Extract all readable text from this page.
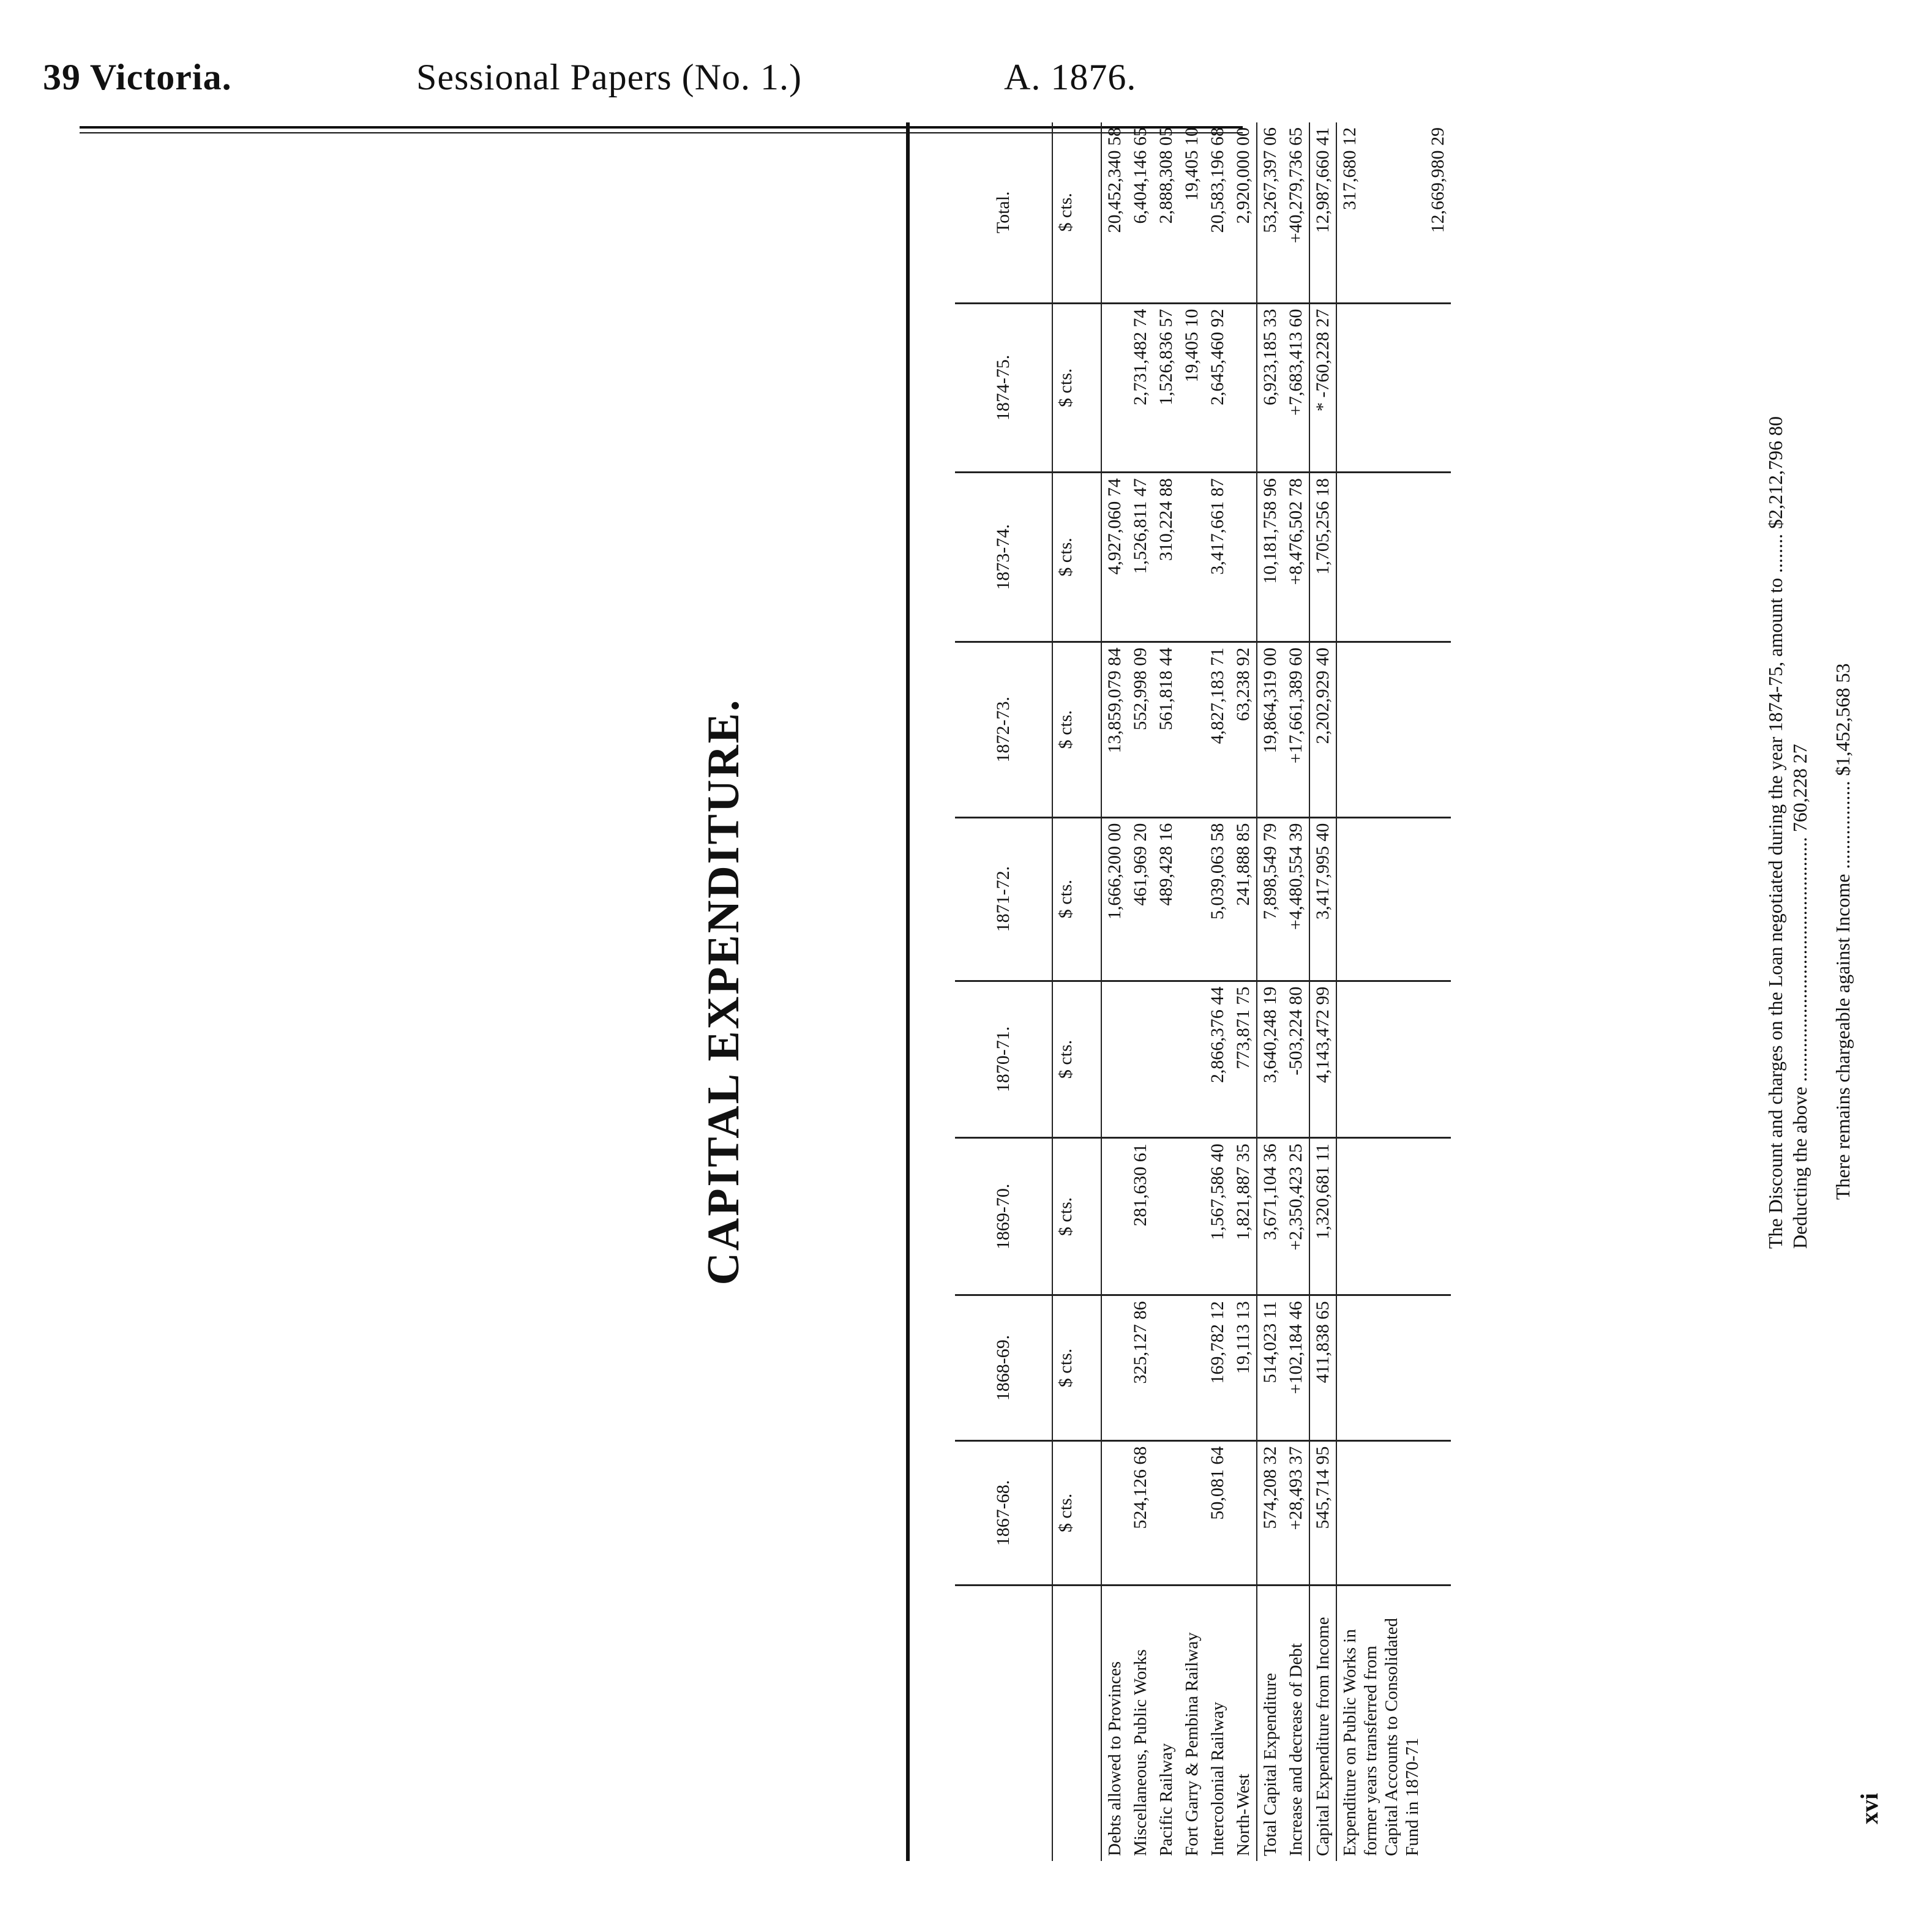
39 Victoria.	Sessional Papers (No. 1.)	A. 1876.
CAPITAL EXPENDITURE.
	1867-68.	1868-69.	1869-70.	1870-71.	1871-72.	1872-73.	1873-74.	1874-75.	Total.
	$ cts.	$ cts.	$ cts.	$ cts.	$ cts.	$ cts.	$ cts.	$ cts.	$ cts.
Debts allowed to Provinces					1,666,200 00	13,859,079 84	4,927,060 74		20,452,340 58
Miscellaneous, Public Works	524,126 68	325,127 86	281,630 61		461,969 20	552,998 09	1,526,811 47	2,731,482 74	6,404,146 65
Pacific Railway					489,428 16	561,818 44	310,224 88	1,526,836 57	2,888,308 05
Fort Garry & Pembina Railway								19,405 10	19,405 10
Intercolonial Railway	50,081 64	169,782 12	1,567,586 40	2,866,376 44	5,039,063 58	4,827,183 71	3,417,661 87	2,645,460 92	20,583,196 68
North-West		19,113 13	1,821,887 35	773,871 75	241,888 85	63,238 92			2,920,000 00
Total Capital Expenditure	574,208 32	514,023 11	3,671,104 36	3,640,248 19	7,898,549 79	19,864,319 00	10,181,758 96	6,923,185 33	53,267,397 06
Increase and decrease of Debt	+28,493 37	+102,184 46	+2,350,423 25	-503,224 80	+4,480,554 39	+17,661,389 60	+8,476,502 78	+7,683,413 60	+40,279,736 65
Capital Expenditure from Income	545,714 95	411,838 65	1,320,681 11	4,143,472 99	3,417,995 40	2,202,929 40	1,705,256 18	* -760,228 27	12,987,660 41
Expenditure on Public Works in former years transferred from Capital Accounts to Consolidated Fund in 1870-71									317,680 12
									12,669,980 29
The Discount and charges on the Loan negotiated during the year 1874-75, amount to
........
$2,212,796 80
Deducting the above
..................................................
760,228 27
There remains chargeable against Income
..................
$1,452,568 53
xvi
